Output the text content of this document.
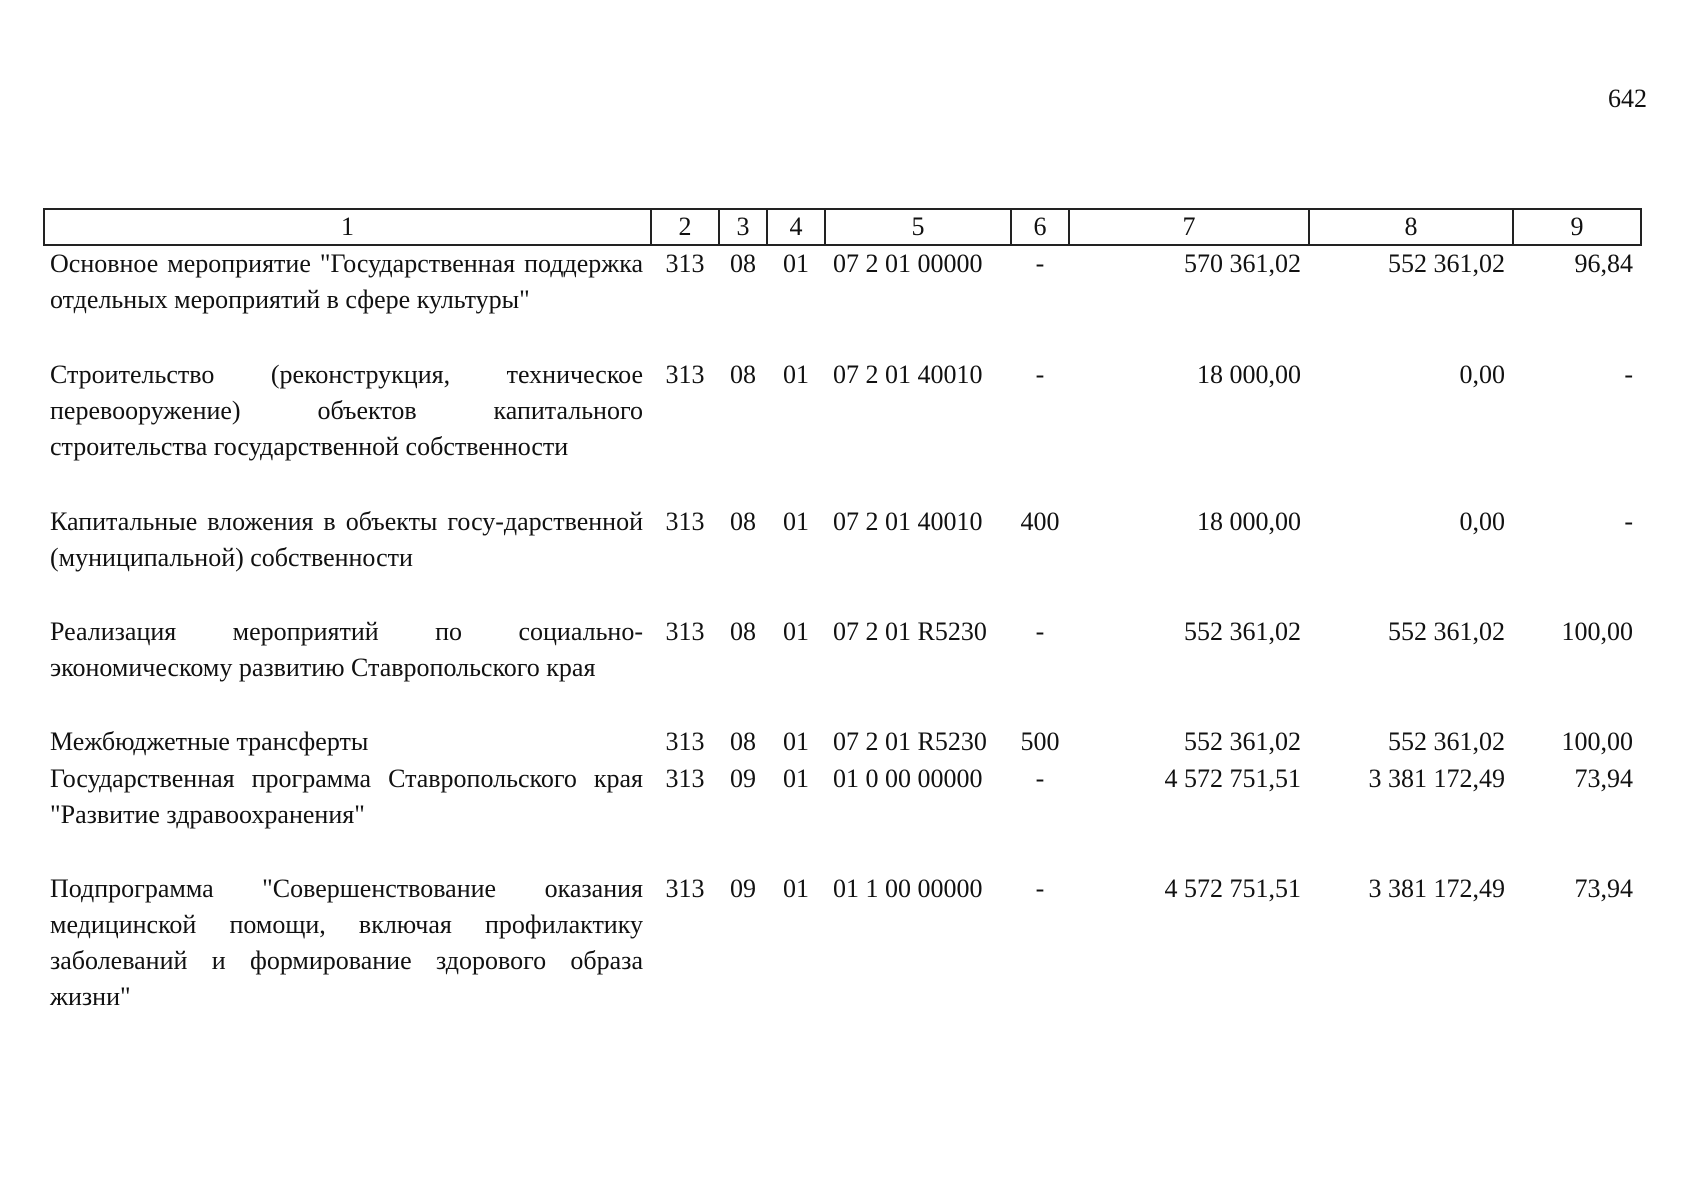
642
1	2	3	4	5	6	7	8	9
Основное мероприятие "Государственная поддержка отдельных мероприятий в сфере культуры"	313	08	01	07 2 01 00000	-	570 361,02	552 361,02	96,84
Строительство (реконструкция, техническое перевооружение) объектов капитального строительства государственной собственности	313	08	01	07 2 01 40010	-	18 000,00	0,00	-
Капитальные вложения в объекты госу-дарственной (муниципальной) собственности	313	08	01	07 2 01 40010	400	18 000,00	0,00	-
Реализация мероприятий по социально-экономическому развитию Ставропольского края	313	08	01	07 2 01 R5230	-	552 361,02	552 361,02	100,00
Межбюджетные трансферты	313	08	01	07 2 01 R5230	500	552 361,02	552 361,02	100,00
Государственная программа Ставропольского края "Развитие здравоохранения"	313	09	01	01 0 00 00000	-	4 572 751,51	3 381 172,49	73,94
Подпрограмма "Совершенствование оказания медицинской помощи, включая профилактику заболеваний и формирование здорового образа жизни"	313	09	01	01 1 00 00000	-	4 572 751,51	3 381 172,49	73,94
